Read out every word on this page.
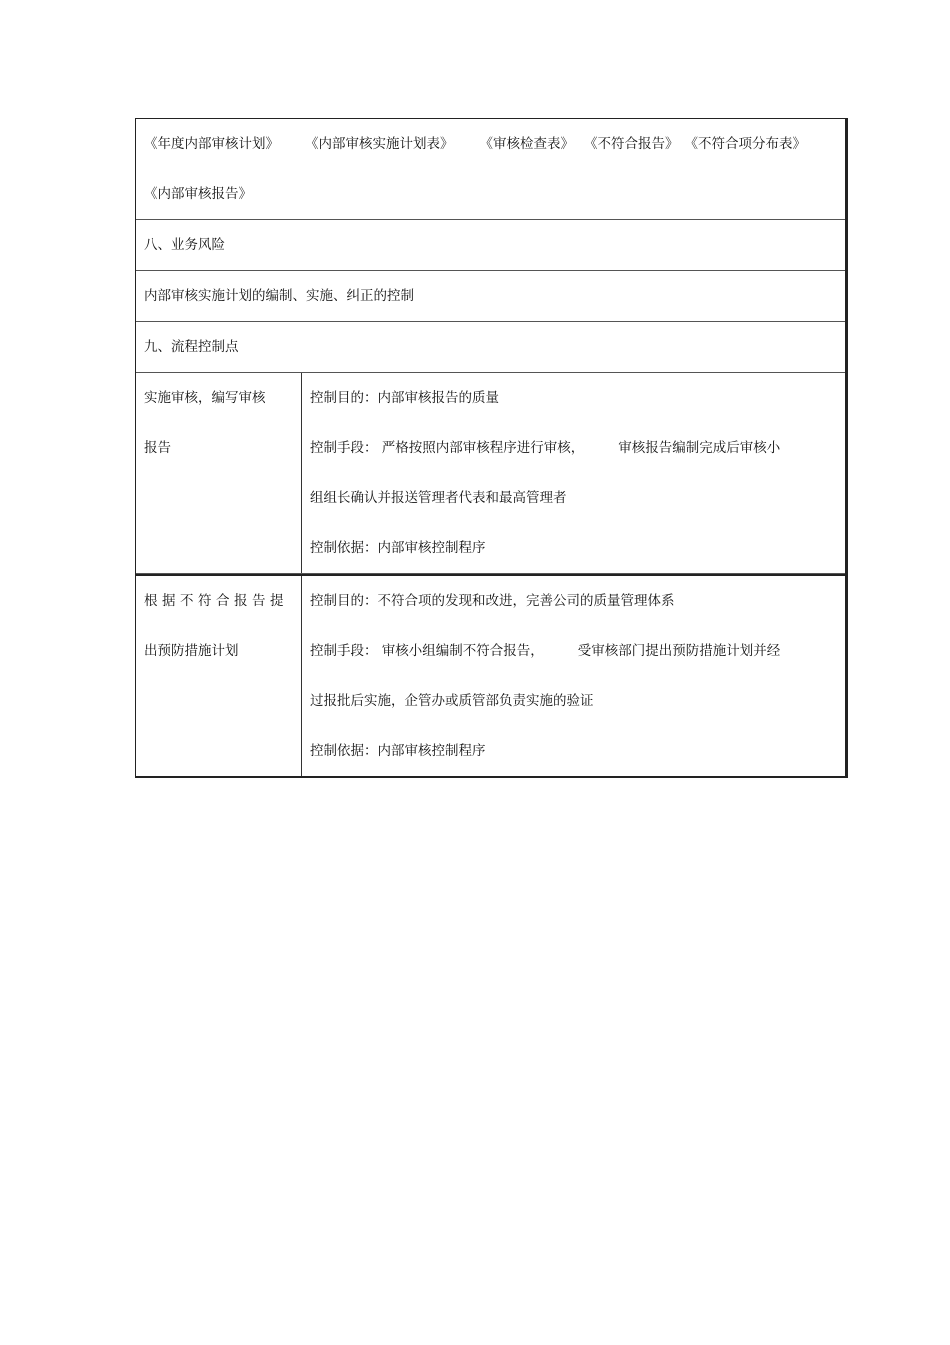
《年度内部审核计划》 《内部审核实施计划表》 《审核检查表》 《不符合报告》 《不符合项分布表》
《内部审核报告》
八、业务风险
内部审核实施计划的编制、实施、纠正的控制
九、流程控制点
实施审核，编写审核
报告
控制目的：内部审核报告的质量
控制手段： 严格按照内部审核程序进行审核，	审核报告编制完成后审核小
组组长确认并报送管理者代表和最高管理者
控制依据：内部审核控制程序
根据不符合报告提
出预防措施计划
控制目的：不符合项的发现和改进，完善公司的质量管理体系
控制手段： 审核小组编制不符合报告，	受审核部门提出预防措施计划并经
过报批后实施，企管办或质管部负责实施的验证
控制依据：内部审核控制程序
